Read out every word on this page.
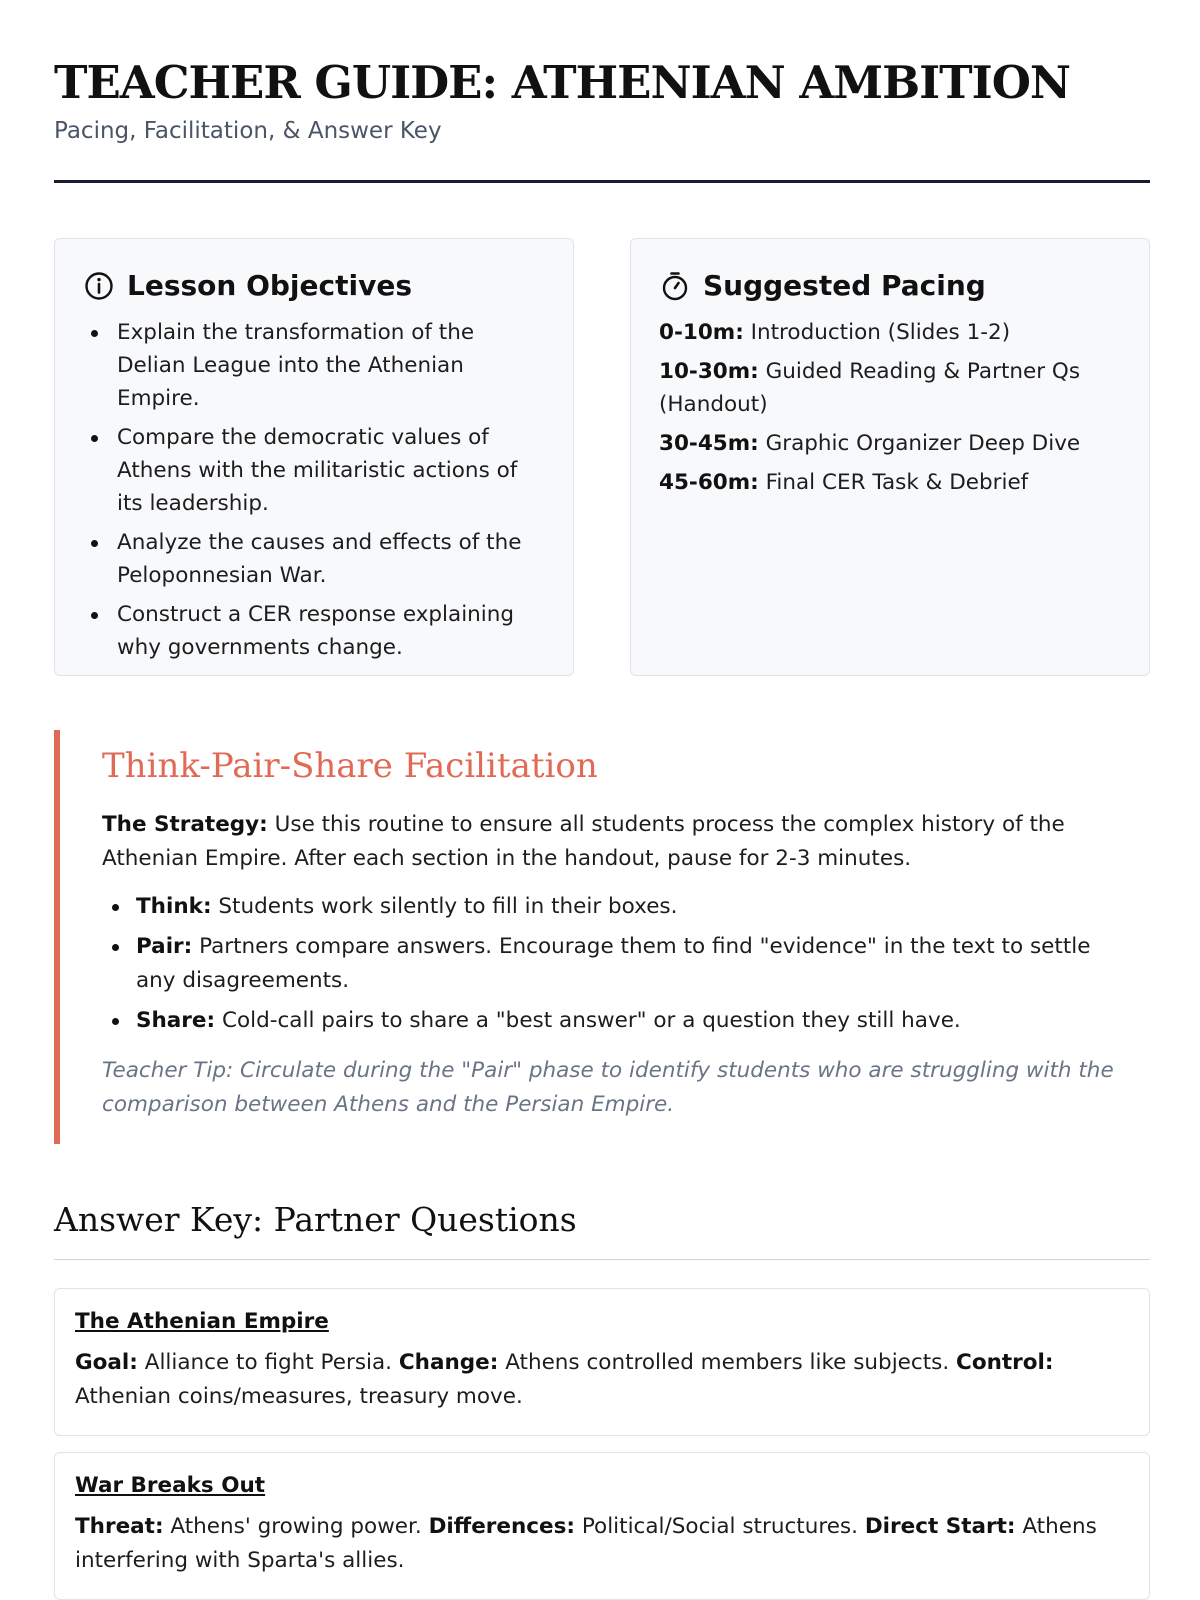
TEACHER GUIDE: ATHENIAN AMBITION
Pacing, Facilitation, & Answer Key
Lesson Objectives
Explain the transformation of the Delian League into the Athenian Empire.
Compare the democratic values of Athens with the militaristic actions of its leadership.
Analyze the causes and effects of the Peloponnesian War.
Construct a CER response explaining why governments change.
Suggested Pacing
0-10m: Introduction (Slides 1-2)
10-30m: Guided Reading & Partner Qs (Handout)
30-45m: Graphic Organizer Deep Dive
45-60m: Final CER Task & Debrief
Think-Pair-Share Facilitation

The Strategy: Use this routine to ensure all students process the complex history of the Athenian Empire. After each section in the handout, pause for 2-3 minutes.

Think: Students work silently to fill in their boxes.
Pair: Partners compare answers. Encourage them to find "evidence" in the text to settle any disagreements.
Share: Cold-call pairs to share a "best answer" or a question they still have.

Teacher Tip: Circulate during the "Pair" phase to identify students who are struggling with the comparison between Athens and the Persian Empire.

Answer Key: Partner Questions
The Athenian Empire

Goal: Alliance to fight Persia. Change: Athens controlled members like subjects. Control: Athenian coins/measures, treasury move.

War Breaks Out

Threat: Athens' growing power. Differences: Political/Social structures. Direct Start: Athens interfering with Sparta's allies.
